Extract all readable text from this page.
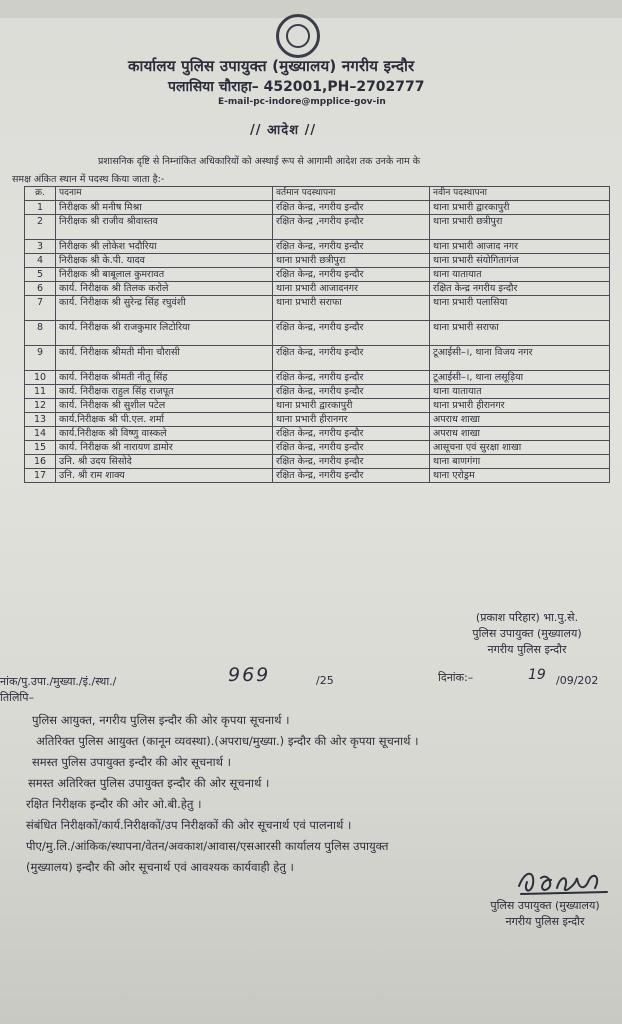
कार्यालय पुलिस उपायुक्त (मुख्यालय) नगरीय इन्दौर
पलासिया चौराहा– 452001,PH–2702777
E-mail-pc-indore@mpplice-gov-in
// आदेश //
प्रशासनिक दृष्टि से निम्नांकित अधिकारियों को अस्थाई रूप से आगामी आदेश तक उनके नाम के
समक्ष अंकित स्थान में पदस्थ किया जाता है:-
क्र.	पदनाम	वर्तमान पदस्थापना	नवीन पदस्थापना
1	निरीक्षक श्री मनीष मिश्रा	रक्षित केन्द्र, नगरीय इन्दौर	थाना प्रभारी द्वारकापुरी
2	निरीक्षक श्री राजीव श्रीवास्तव	रक्षित केन्द्र ,नगरीय इन्दौर	थाना प्रभारी छत्रीपुरा
3	निरीक्षक श्री लोकेश भदौरिया	रक्षित केन्द्र, नगरीय इन्दौर	थाना प्रभारी आजाद नगर
4	निरीक्षक श्री के.पी. यादव	थाना प्रभारी छत्रीपुरा	थाना प्रभारी संयोगितागंज
5	निरीक्षक श्री बाबूलाल कुमरावत	रक्षित केन्द्र, नगरीय इन्दौर	थाना यातायात
6	कार्य. निरीक्षक श्री तिलक करोले	थाना प्रभारी आजादनगर	रक्षित केन्द्र नगरीय इन्दौर
7	कार्य. निरीक्षक श्री सुरेन्द्र सिंह रघुवंशी	थाना प्रभारी सराफा	थाना प्रभारी पलासिया
8	कार्य. निरीक्षक श्री राजकुमार लिटोरिया	रक्षित केन्द्र, नगरीय इन्दौर	थाना प्रभारी सराफा
9	कार्य. निरीक्षक श्रीमती मीना चौरासी	रक्षित केन्द्र, नगरीय इन्दौर	टूआईसी–।, थाना विजय नगर
10	कार्य. निरीक्षक श्रीमती नीतू सिंह	रक्षित केन्द्र, नगरीय इन्दौर	टूआईसी–।, थाना लसूड़िया
11	कार्य. निरीक्षक राहुल सिंह राजपूत	रक्षित केन्द्र, नगरीय इन्दौर	थाना यातायात
12	कार्य. निरीक्षक श्री सुशील पटेल	थाना प्रभारी द्वारकापुरी	थाना प्रभारी हीरानगर
13	कार्य.निरीक्षक श्री पी.एल. शर्मा	थाना प्रभारी हीरानगर	अपराध शाखा
14	कार्य.निरीक्षक श्री विष्णु वास्कले	रक्षित केन्द्र, नगरीय इन्दौर	अपराध शाखा
15	कार्य. निरीक्षक श्री नारायण डामोर	रक्षित केन्द्र, नगरीय इन्दौर	आसूचना एवं सुरक्षा शाखा
16	उनि. श्री उदय सिसोदे	रक्षित केन्द्र, नगरीय इन्दौर	थाना बाणगंगा
17	उनि. श्री राम शाक्य	रक्षित केन्द्र, नगरीय इन्दौर	थाना एरोड्रम
(प्रकाश परिहार) भा.पु.से.
पुलिस उपायुक्त (मुख्यालय)
नगरीय पुलिस इन्दौर
नांक/पु.उपा./मुख्या./इं./स्था./	969	/25	दिनांक:–	19 /09/202
तिलिपि–
पुलिस आयुक्त, नगरीय पुलिस इन्दौर की ओर कृपया सूचनार्थ ।
अतिरिक्त पुलिस आयुक्त (कानून व्यवस्था).(अपराध/मुख्या.) इन्दौर की ओर कृपया सूचनार्थ ।
समस्त पुलिस उपायुक्त इन्दौर की ओर सूचनार्थ ।
समस्त अतिरिक्त पुलिस उपायुक्त इन्दौर की ओर सूचनार्थ ।
रक्षित निरीक्षक इन्दौर की ओर ओ.बी.हेतु ।
संबंधित निरीक्षकों/कार्य.निरीक्षकों/उप निरीक्षकों की ओर सूचनार्थ एवं पालनार्थ ।
पीए/मु.लि./आंकिक/स्थापना/वेतन/अवकाश/आवास/एसआरसी कार्यालय पुलिस उपायुक्त
(मुख्यालय) इन्दौर की ओर सूचनार्थ एवं आवश्यक कार्यवाही हेतु ।
पुलिस उपायुक्त (मुख्यालय)
नगरीय पुलिस इन्दौर
